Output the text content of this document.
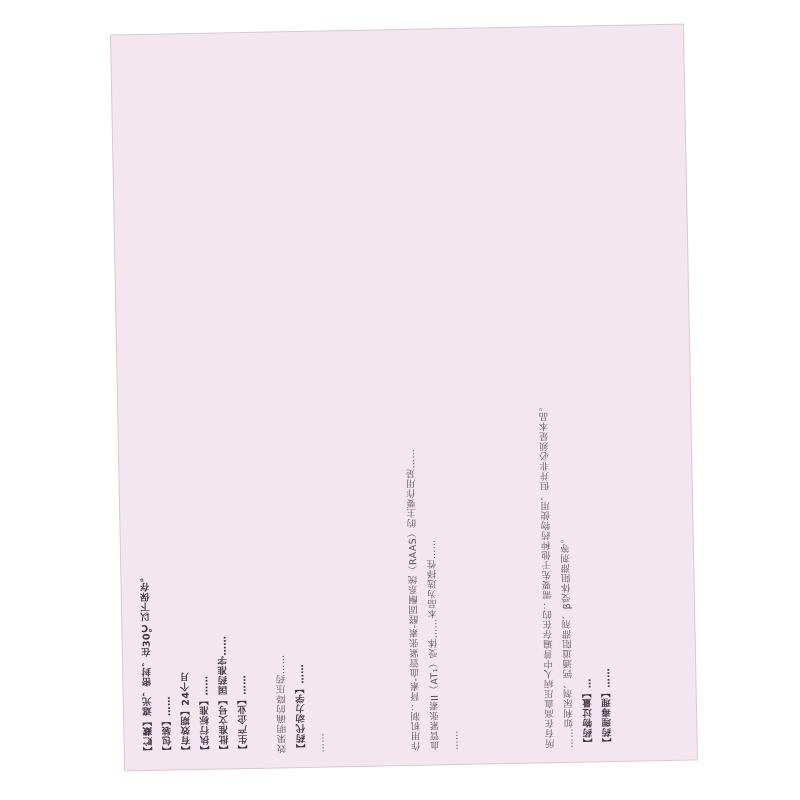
所有在高血压病人中普遍存在的：需要先于他种药物使用，但并非必须是本品。 ……如利尿剂、钙通道阻滞剂、β受体阻滞剂等。 【药物过量】… 【药理毒理】……

作用机制：肾素-血管紧张素-醛固酮系统（RAAS）的主要作用是…… 血管紧张素II（AT₁）受体……本品为选择性…… ……

效果明确的降压药…… 【药代动力学】…… ……

【贮藏】遮光，密封，在30℃以下保存。 【包装】…… 【有效期】24个月 【执行标准】…… 【批准文号】国药准字…… 【生产企业】……
